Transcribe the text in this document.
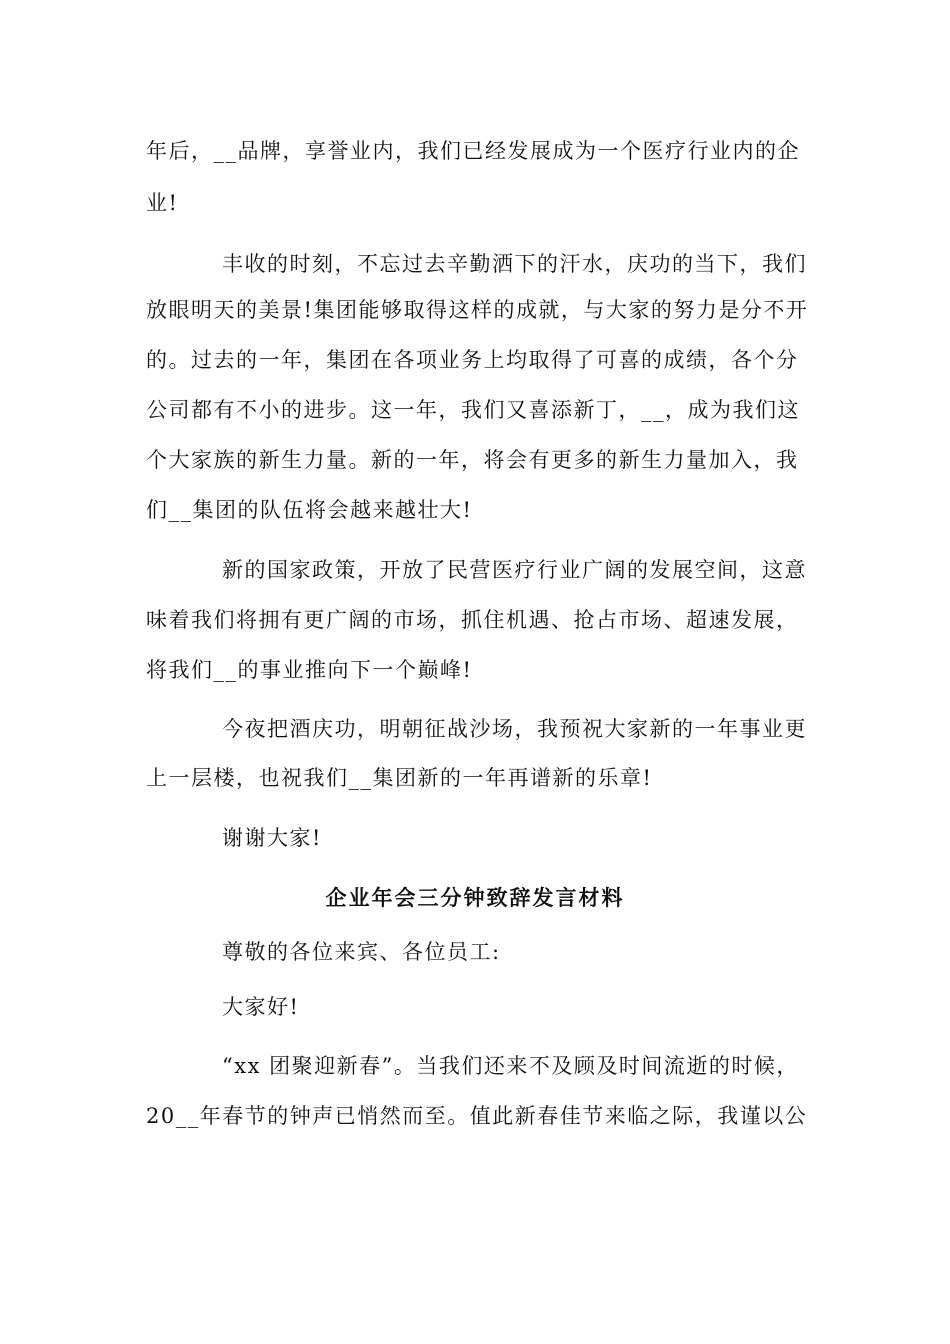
年后，__品牌，享誉业内，我们已经发展成为一个医疗行业内的企
业!
丰收的时刻，不忘过去辛勤洒下的汗水，庆功的当下，我们
放眼明天的美景!集团能够取得这样的成就，与大家的努力是分不开
的。过去的一年，集团在各项业务上均取得了可喜的成绩，各个分
公司都有不小的进步。这一年，我们又喜添新丁，__，成为我们这
个大家族的新生力量。新的一年，将会有更多的新生力量加入，我
们__集团的队伍将会越来越壮大!
新的国家政策，开放了民营医疗行业广阔的发展空间，这意
味着我们将拥有更广阔的市场，抓住机遇、抢占市场、超速发展，
将我们__的事业推向下一个巅峰!
今夜把酒庆功，明朝征战沙场，我预祝大家新的一年事业更
上一层楼，也祝我们__集团新的一年再谱新的乐章!
谢谢大家!
企业年会三分钟致辞发言材料
尊敬的各位来宾、各位员工:
大家好!
“xx 团聚迎新春”。当我们还来不及顾及时间流逝的时候，
20__年春节的钟声已悄然而至。值此新春佳节来临之际，我谨以公
